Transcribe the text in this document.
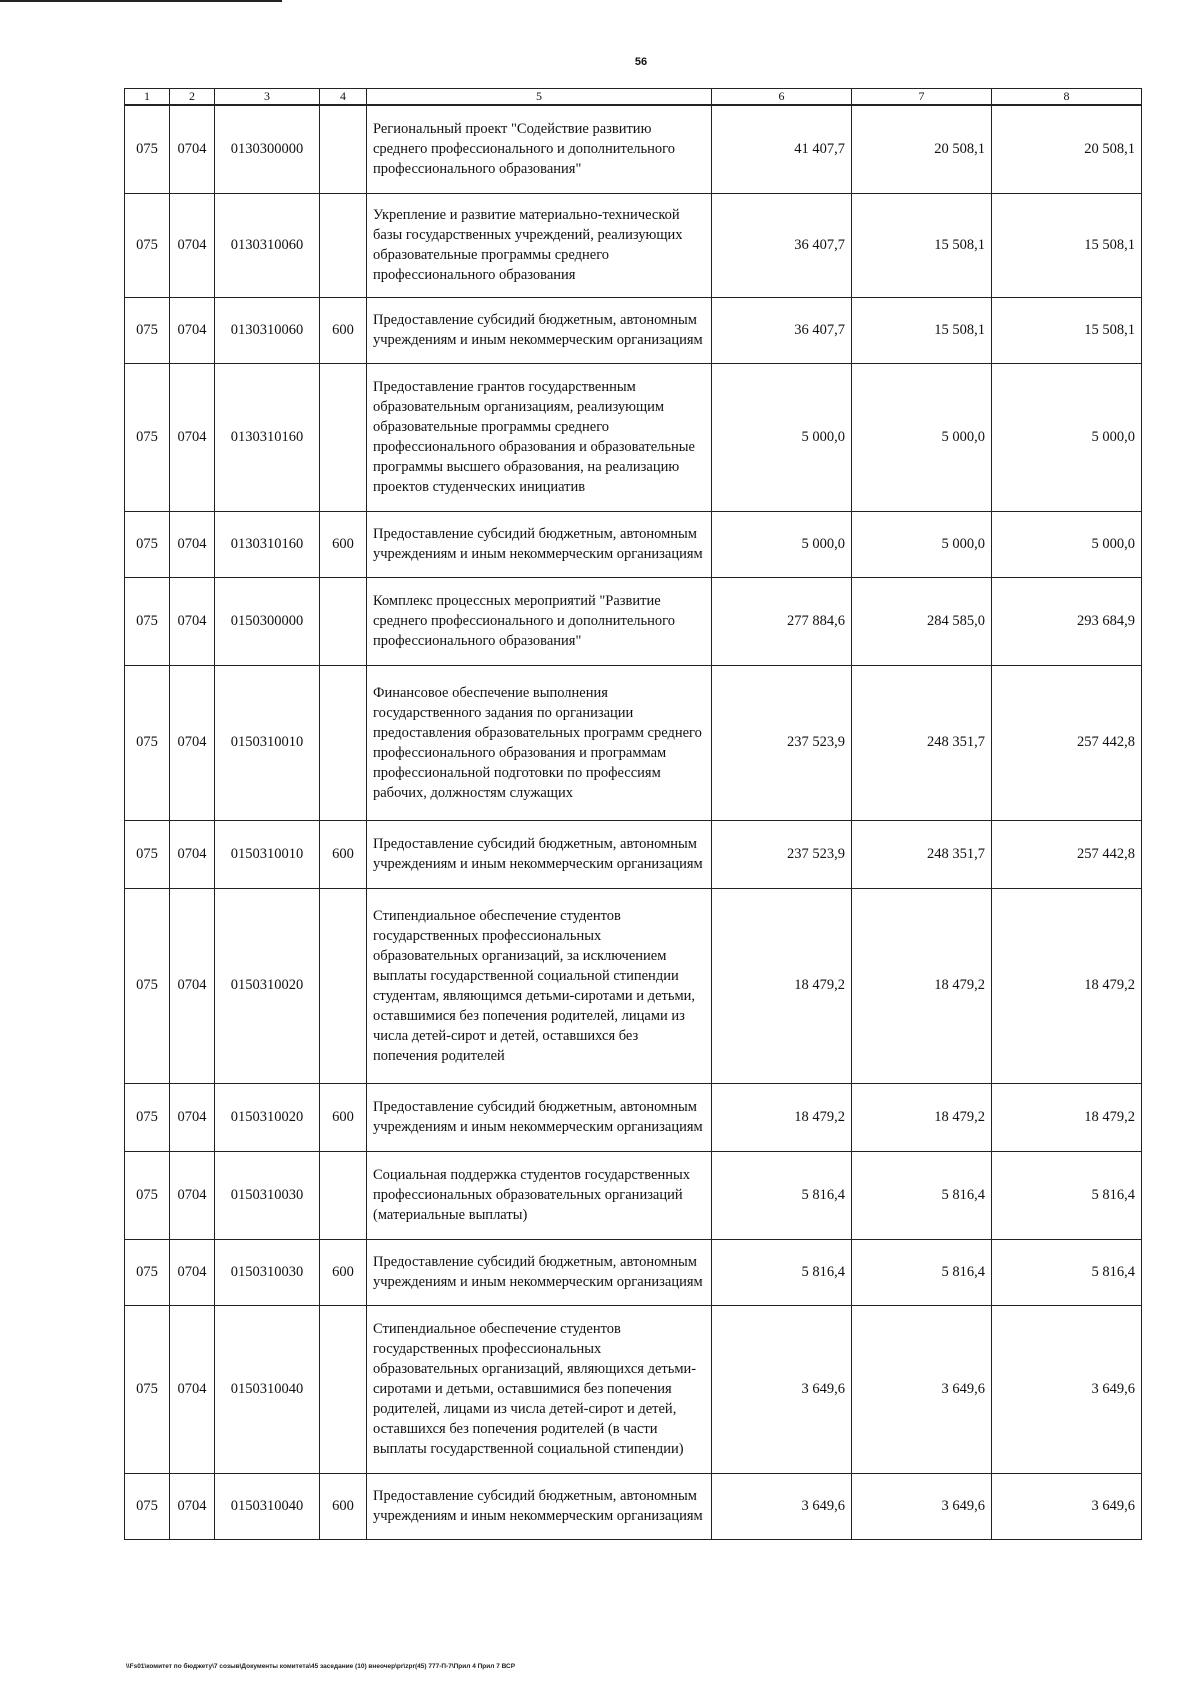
56
1	2	3	4	5	6	7	8
075	0704	0130300000		Региональный проект "Содействие развитию среднего профессионального и дополнительного профессионального образования"	41 407,7	20 508,1	20 508,1
075	0704	0130310060		Укрепление и развитие материально-технической базы государственных учреждений, реализующих образовательные программы среднего профессионального образования	36 407,7	15 508,1	15 508,1
075	0704	0130310060	600	Предоставление субсидий бюджетным, автономным учреждениям и иным некоммерческим организациям	36 407,7	15 508,1	15 508,1
075	0704	0130310160		Предоставление грантов государственным образовательным организациям, реализующим образовательные программы среднего профессионального образования и образовательные программы высшего образования, на реализацию проектов студенческих инициатив	5 000,0	5 000,0	5 000,0
075	0704	0130310160	600	Предоставление субсидий бюджетным, автономным учреждениям и иным некоммерческим организациям	5 000,0	5 000,0	5 000,0
075	0704	0150300000		Комплекс процессных мероприятий "Развитие среднего профессионального и дополнительного профессионального образования"	277 884,6	284 585,0	293 684,9
075	0704	0150310010		Финансовое обеспечение выполнения государственного задания по организации предоставления образовательных программ среднего профессионального образования и программам профессиональной подготовки по профессиям рабочих, должностям служащих	237 523,9	248 351,7	257 442,8
075	0704	0150310010	600	Предоставление субсидий бюджетным, автономным учреждениям и иным некоммерческим организациям	237 523,9	248 351,7	257 442,8
075	0704	0150310020		Стипендиальное обеспечение студентов государственных профессиональных образовательных организаций, за исключением выплаты государственной социальной стипендии студентам, являющимся детьми-сиротами и детьми, оставшимися без попечения родителей, лицами из числа детей-сирот и детей, оставшихся без попечения родителей	18 479,2	18 479,2	18 479,2
075	0704	0150310020	600	Предоставление субсидий бюджетным, автономным учреждениям и иным некоммерческим организациям	18 479,2	18 479,2	18 479,2
075	0704	0150310030		Социальная поддержка студентов государственных профессиональных образовательных организаций (материальные выплаты)	5 816,4	5 816,4	5 816,4
075	0704	0150310030	600	Предоставление субсидий бюджетным, автономным учреждениям и иным некоммерческим организациям	5 816,4	5 816,4	5 816,4
075	0704	0150310040		Стипендиальное обеспечение студентов государственных профессиональных образовательных организаций, являющихся детьми-сиротами и детьми, оставшимися без попечения родителей, лицами из числа детей-сирот и детей, оставшихся без попечения родителей (в части выплаты государственной социальной стипендии)	3 649,6	3 649,6	3 649,6
075	0704	0150310040	600	Предоставление субсидий бюджетным, автономным учреждениям и иным некоммерческим организациям	3 649,6	3 649,6	3 649,6
\\Fs01\комитет по бюджету\7 созыв\Документы комитета\45 заседание (10) внеочер\pr\zpr(45) 777-П-7\Прил 4 Прил 7 ВСР
